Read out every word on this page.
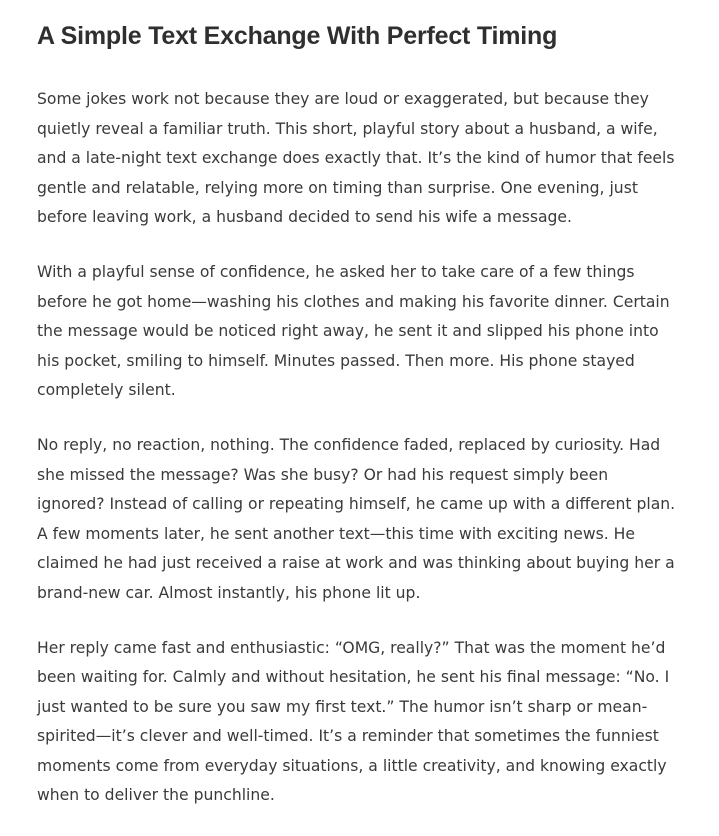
A Simple Text Exchange With Perfect Timing

Some jokes work not because they are loud or exaggerated, but because they
quietly reveal a familiar truth. This short, playful story about a husband, a wife,
and a late-night text exchange does exactly that. It’s the kind of humor that feels
gentle and relatable, relying more on timing than surprise. One evening, just
before leaving work, a husband decided to send his wife a message.

With a playful sense of confidence, he asked her to take care of a few things
before he got home—washing his clothes and making his favorite dinner. Certain
the message would be noticed right away, he sent it and slipped his phone into
his pocket, smiling to himself. Minutes passed. Then more. His phone stayed
completely silent.

No reply, no reaction, nothing. The confidence faded, replaced by curiosity. Had
she missed the message? Was she busy? Or had his request simply been
ignored? Instead of calling or repeating himself, he came up with a different plan.
A few moments later, he sent another text—this time with exciting news. He
claimed he had just received a raise at work and was thinking about buying her a
brand-new car. Almost instantly, his phone lit up.

Her reply came fast and enthusiastic: “OMG, really?” That was the moment he’d
been waiting for. Calmly and without hesitation, he sent his final message: “No. I
just wanted to be sure you saw my first text.” The humor isn’t sharp or mean-
spirited—it’s clever and well-timed. It’s a reminder that sometimes the funniest
moments come from everyday situations, a little creativity, and knowing exactly
when to deliver the punchline.
